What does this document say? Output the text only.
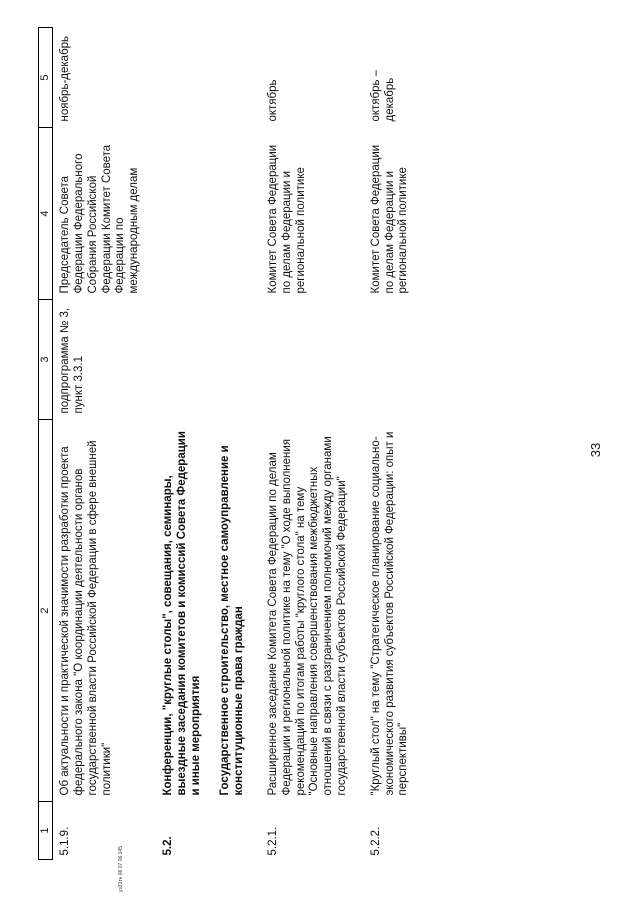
33
уз31тн 06 07 06 145
1	2	3	4	5
5.1.9.	Об актуальности и практической значимости разработки проекта федерального закона "О координации деятельности органов государственной власти Российской Федерации в сфере внешней политики"	подпрограмма № 3, пункт 3.3.1	Председатель Совета Федерации Федерального Собрания Российской Федерации Комитет Совета Федерации по международным делам	ноябрь-декабрь
5.2.	Конференции, "круглые столы", совещания, семинары, выездные заседания комитетов и комиссий Совета Федерации и иные мероприятия Государственное строительство, местное самоуправление и конституционные права граждан			

5.2.1.	Расширенное заседание Комитета Совета Федерации по делам Федерации и региональной политике на тему "О ходе выполнения рекомендаций по итогам работы "круглого стола" на тему "Основные направления совершенствования межбюджетных отношений в связи с разграничением полномочий между органами государственной власти субъектов Российской Федерации"		Комитет Совета Федерации по делам Федерации и региональной политике	октябрь
5.2.2.	"Круглый стол" на тему "Стратегическое планирование социально-экономического развития субъектов Российской Федерации: опыт и перспективы"		Комитет Совета Федерации по делам Федерации и региональной политике	октябрь – декабрь
